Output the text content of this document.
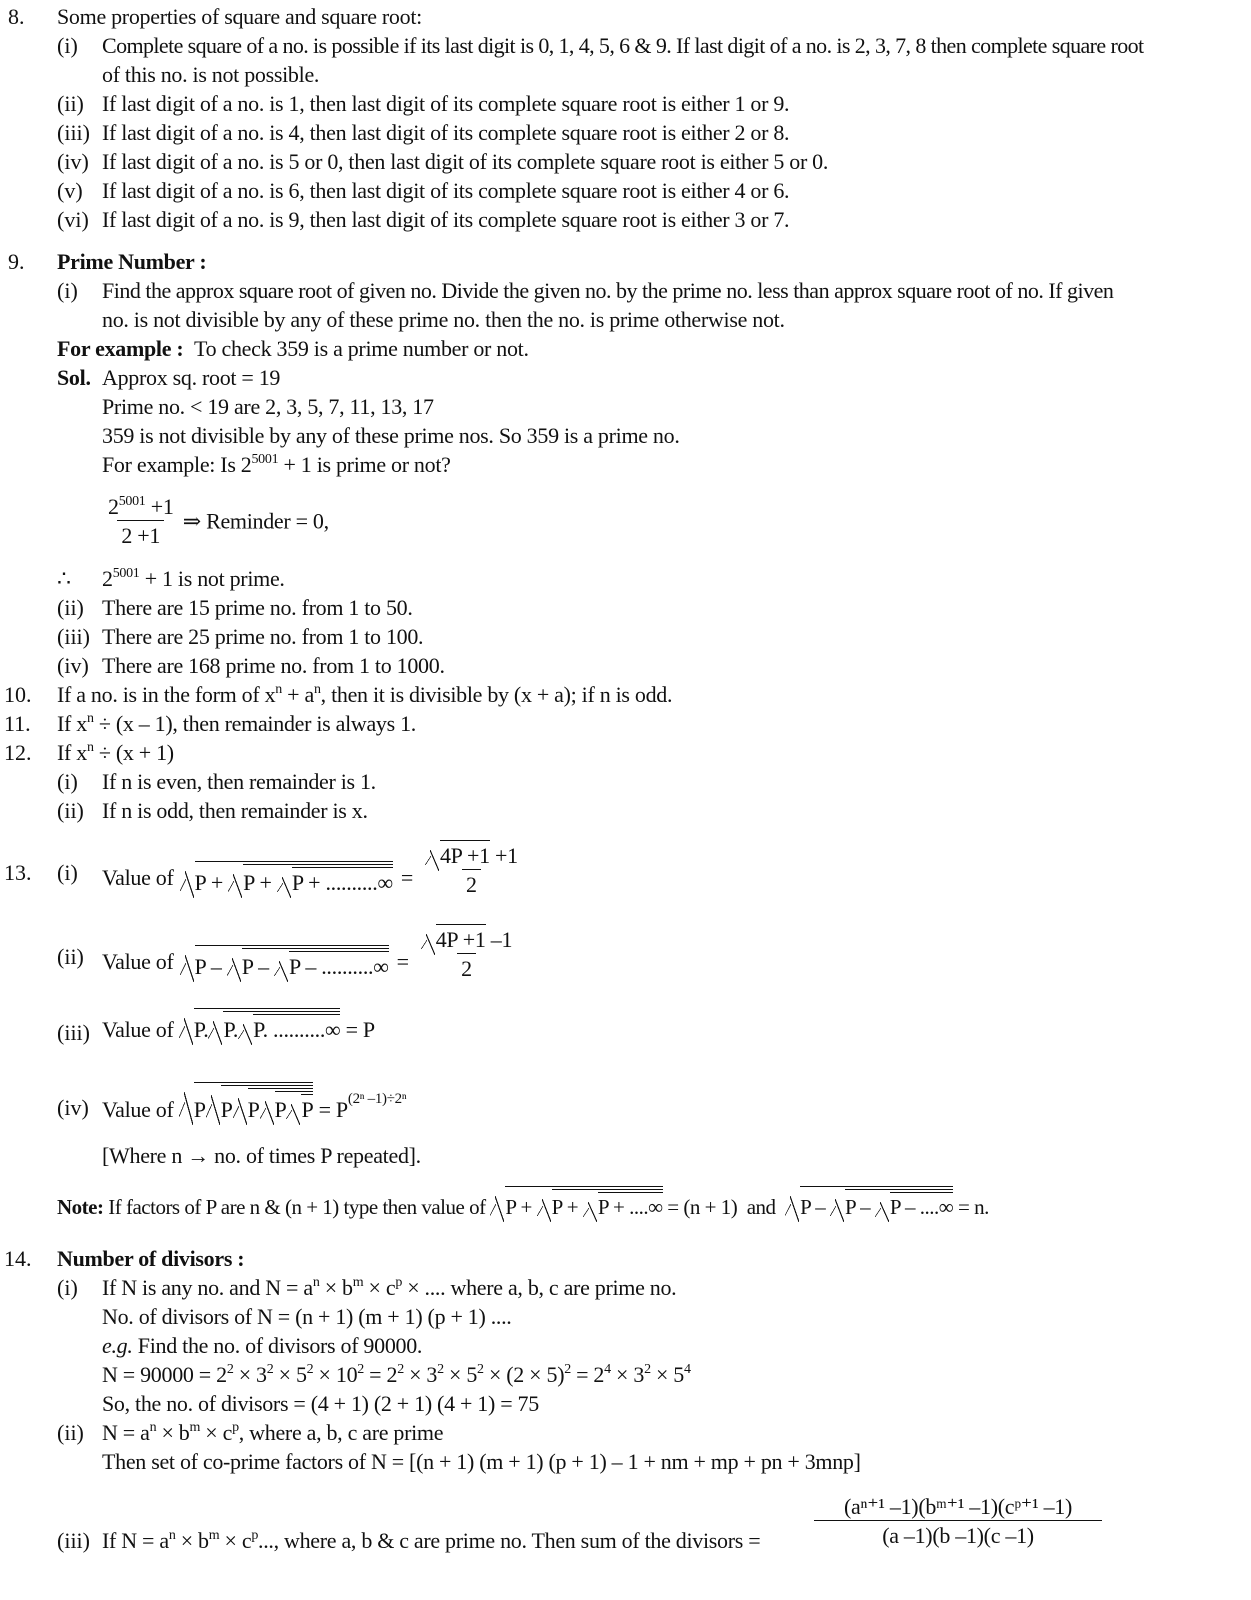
8. Some properties of square and square root:
(i) Complete square of a no. is possible if its last digit is 0, 1, 4, 5, 6 & 9. If last digit of a no. is 2, 3, 7, 8 then complete square root
of this no. is not possible.
(ii) If last digit of a no. is 1, then last digit of its complete square root is either 1 or 9.
(iii) If last digit of a no. is 4, then last digit of its complete square root is either 2 or 8.
(iv) If last digit of a no. is 5 or 0, then last digit of its complete square root is either 5 or 0.
(v) If last digit of a no. is 6, then last digit of its complete square root is either 4 or 6.
(vi) If last digit of a no. is 9, then last digit of its complete square root is either 3 or 7.
9. Prime Number :
(i) Find the approx square root of given no. Divide the given no. by the prime no. less than approx square root of no. If given
no. is not divisible by any of these prime no. then the no. is prime otherwise not.
For example : To check 359 is a prime number or not.
Sol. Approx sq. root = 19
Prime no. < 19 are 2, 3, 5, 7, 11, 13, 17
359 is not divisible by any of these prime nos. So 359 is a prime no.
For example: Is $2^{5001} + 1$ is prime or not?
$\frac{2^{5001} +1}{2 +1}$ ⇒ Reminder = 0,
∴ $2^{5001} + 1$ is not prime.
(ii) There are 15 prime no. from 1 to 50.
(iii) There are 25 prime no. from 1 to 100.
(iv) There are 168 prime no. from 1 to 1000.
10. If a no. is in the form of $x^n + a^n$, then it is divisible by (x + a); if n is odd.
11. If $x^n \div (x - 1)$, then remainder is always 1.
12. If $x^n \div (x + 1)$
(i) If n is even, then remainder is 1.
(ii) If n is odd, then remainder is x.
13. (i) Value of P + P + P + ..........∞ = $\frac{4P +1 +1}{2}$
(ii) Value of P – P – P – ..........∞ = $\frac{4P +1 -1}{2}$
(iii) Value of P. P. P. ..........∞ = P
(iv) Value of P P P P $P = P^{(2^n -1)\div 2^n}$
[Where n → no. of times P repeated].
Note: If factors of P are n & (n + 1) type then value of P + P + P + ....∞ = (n + 1) and P – P – P – ....∞ = n.
14. Number of divisors :
(i) If N is any no. and $N = a^n \times b^m \times c^p$ × .... where a, b, c are prime no.
No. of divisors of N = (n + 1) (m + 1) (p + 1) ....
e.g. Find the no. of divisors of 90000.
$N = 90000 = 2^2 \times 3^2 \times 5^2 \times 10^2 = 2^2 \times 3^2 \times 5^2 \times (2 \times 5)^2 = 2^4 \times 3^2 \times 5^4$
So, the no. of divisors = (4 + 1) (2 + 1) (4 + 1) = 75
(ii) $N = a^n \times b^m \times c^p$, where a, b, c are prime
Then set of co-prime factors of N = [(n + 1) (m + 1) (p + 1) – 1 + nm + mp + pn + 3mnp]
(iii) If $N = a^n \times b^m \times c^p$..., where a, b & c are prime no. Then sum of the divisors =	$\frac{\text{(aⁿ⁺¹ –1)(bᵐ⁺¹ –1)(cᵖ⁺¹ –1)}}{(a -1)(b -1)(c -1)}$
